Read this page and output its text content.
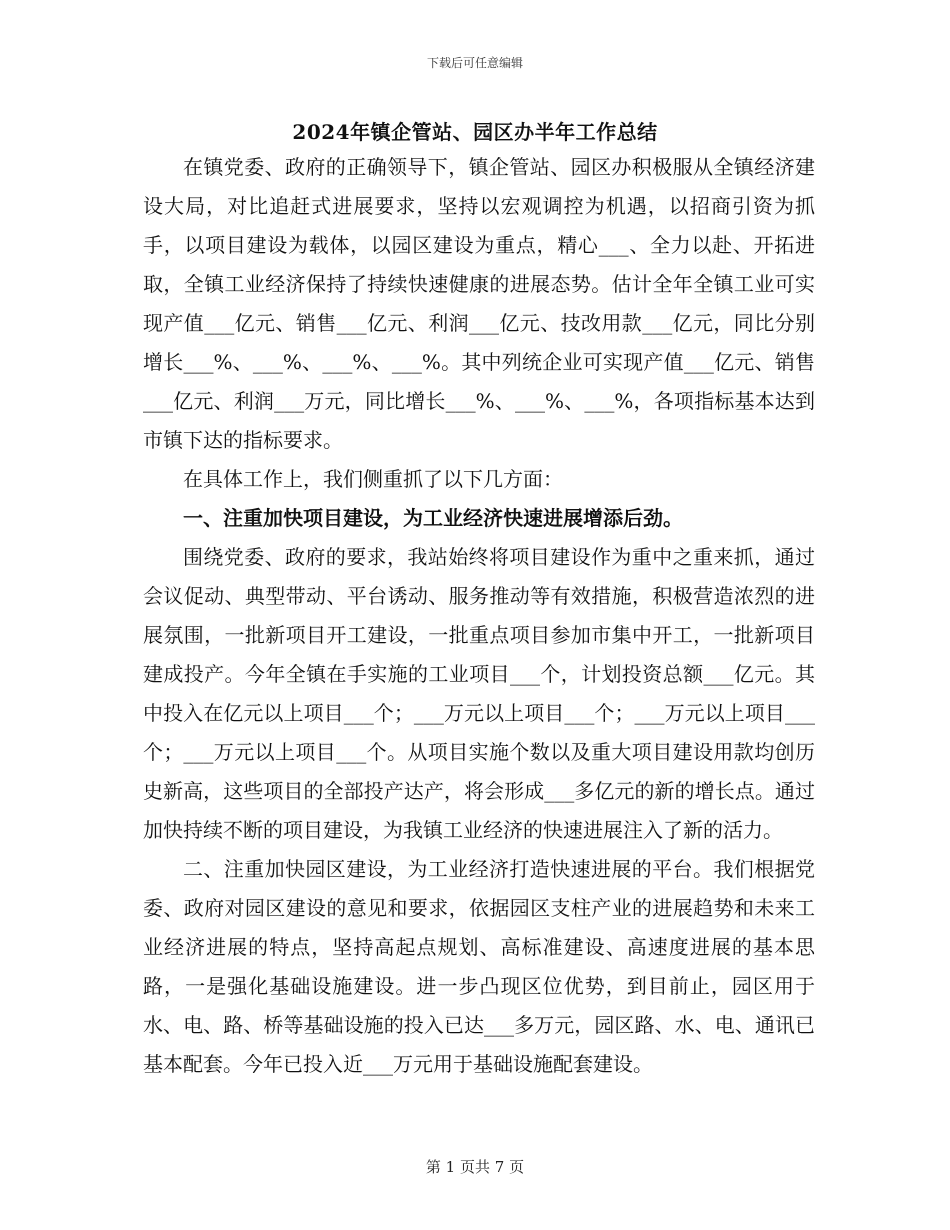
下载后可任意编辑
2024年镇企管站、园区办半年工作总结

在镇党委、政府的正确领导下，镇企管站、园区办积极服从全镇经济建设大局，对比追赶式进展要求，坚持以宏观调控为机遇，以招商引资为抓手，以项目建设为载体，以园区建设为重点，精心___、全力以赴、开拓进取，全镇工业经济保持了持续快速健康的进展态势。估计全年全镇工业可实现产值___亿元、销售___亿元、利润___亿元、技改用款___亿元，同比分别增长___%、___%、___%、___%。其中列统企业可实现产值___亿元、销售___亿元、利润___万元，同比增长___%、___%、___%，各项指标基本达到市镇下达的指标要求。

在具体工作上，我们侧重抓了以下几方面：

一、注重加快项目建设，为工业经济快速进展增添后劲。

围绕党委、政府的要求，我站始终将项目建设作为重中之重来抓，通过会议促动、典型带动、平台诱动、服务推动等有效措施，积极营造浓烈的进展氛围，一批新项目开工建设，一批重点项目参加市集中开工，一批新项目建成投产。今年全镇在手实施的工业项目___个，计划投资总额___亿元。其中投入在亿元以上项目___个；___万元以上项目___个；___万元以上项目___个；___万元以上项目___个。从项目实施个数以及重大项目建设用款均创历史新高，这些项目的全部投产达产，将会形成___多亿元的新的增长点。通过加快持续不断的项目建设，为我镇工业经济的快速进展注入了新的活力。

二、注重加快园区建设，为工业经济打造快速进展的平台。我们根据党委、政府对园区建设的意见和要求，依据园区支柱产业的进展趋势和未来工业经济进展的特点，坚持高起点规划、高标准建设、高速度进展的基本思路，一是强化基础设施建设。进一步凸现区位优势，到目前止，园区用于水、电、路、桥等基础设施的投入已达___多万元，园区路、水、电、通讯已基本配套。今年已投入近___万元用于基础设施配套建设。

第 1 页共 7 页
